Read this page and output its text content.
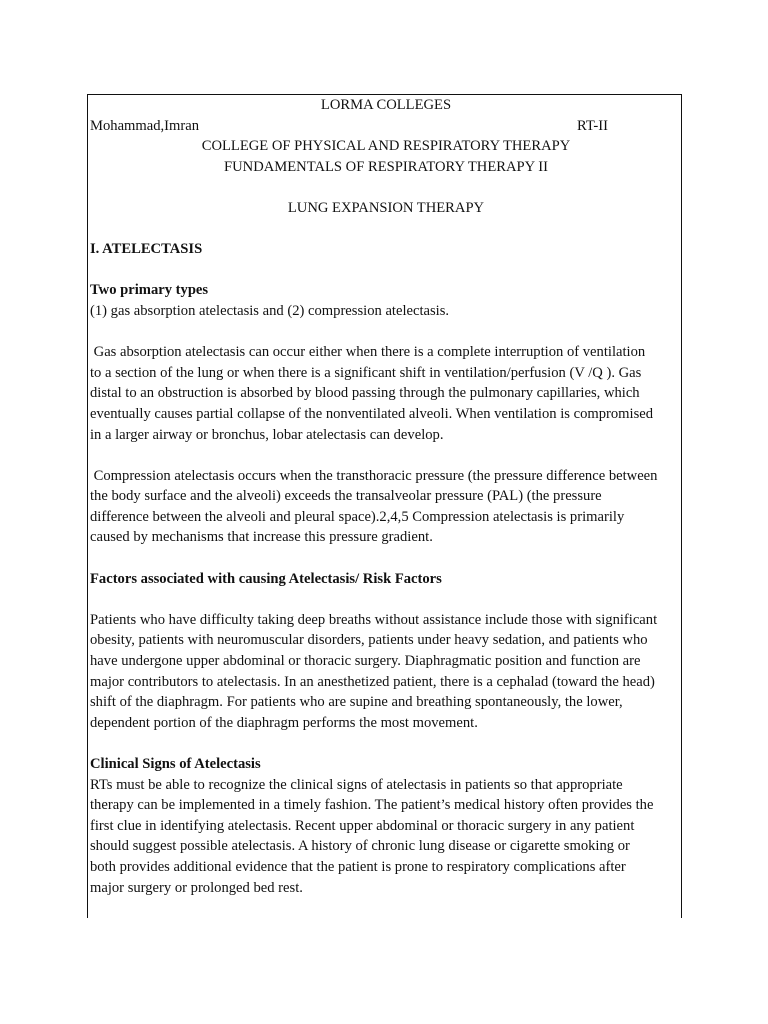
LORMA COLLEGES
Mohammad,Imran	RT-II
COLLEGE OF PHYSICAL AND RESPIRATORY THERAPY
FUNDAMENTALS OF RESPIRATORY THERAPY II
LUNG EXPANSION THERAPY
I. ATELECTASIS
Two primary types
(1) gas absorption atelectasis and (2) compression atelectasis.
Gas absorption atelectasis can occur either when there is a complete interruption of ventilation
to a section of the lung or when there is a significant shift in ventilation/perfusion (V /Q ). Gas
distal to an obstruction is absorbed by blood passing through the pulmonary capillaries, which
eventually causes partial collapse of the nonventilated alveoli. When ventilation is compromised
in a larger airway or bronchus, lobar atelectasis can develop.
Compression atelectasis occurs when the transthoracic pressure (the pressure difference between
the body surface and the alveoli) exceeds the transalveolar pressure (PAL) (the pressure
difference between the alveoli and pleural space).2,4,5 Compression atelectasis is primarily
caused by mechanisms that increase this pressure gradient.
Factors associated with causing Atelectasis/ Risk Factors
Patients who have difficulty taking deep breaths without assistance include those with significant
obesity, patients with neuromuscular disorders, patients under heavy sedation, and patients who
have undergone upper abdominal or thoracic surgery. Diaphragmatic position and function are
major contributors to atelectasis. In an anesthetized patient, there is a cephalad (toward the head)
shift of the diaphragm. For patients who are supine and breathing spontaneously, the lower,
dependent portion of the diaphragm performs the most movement.
Clinical Signs of Atelectasis
RTs must be able to recognize the clinical signs of atelectasis in patients so that appropriate
therapy can be implemented in a timely fashion. The patient’s medical history often provides the
first clue in identifying atelectasis. Recent upper abdominal or thoracic surgery in any patient
should suggest possible atelectasis. A history of chronic lung disease or cigarette smoking or
both provides additional evidence that the patient is prone to respiratory complications after
major surgery or prolonged bed rest.
